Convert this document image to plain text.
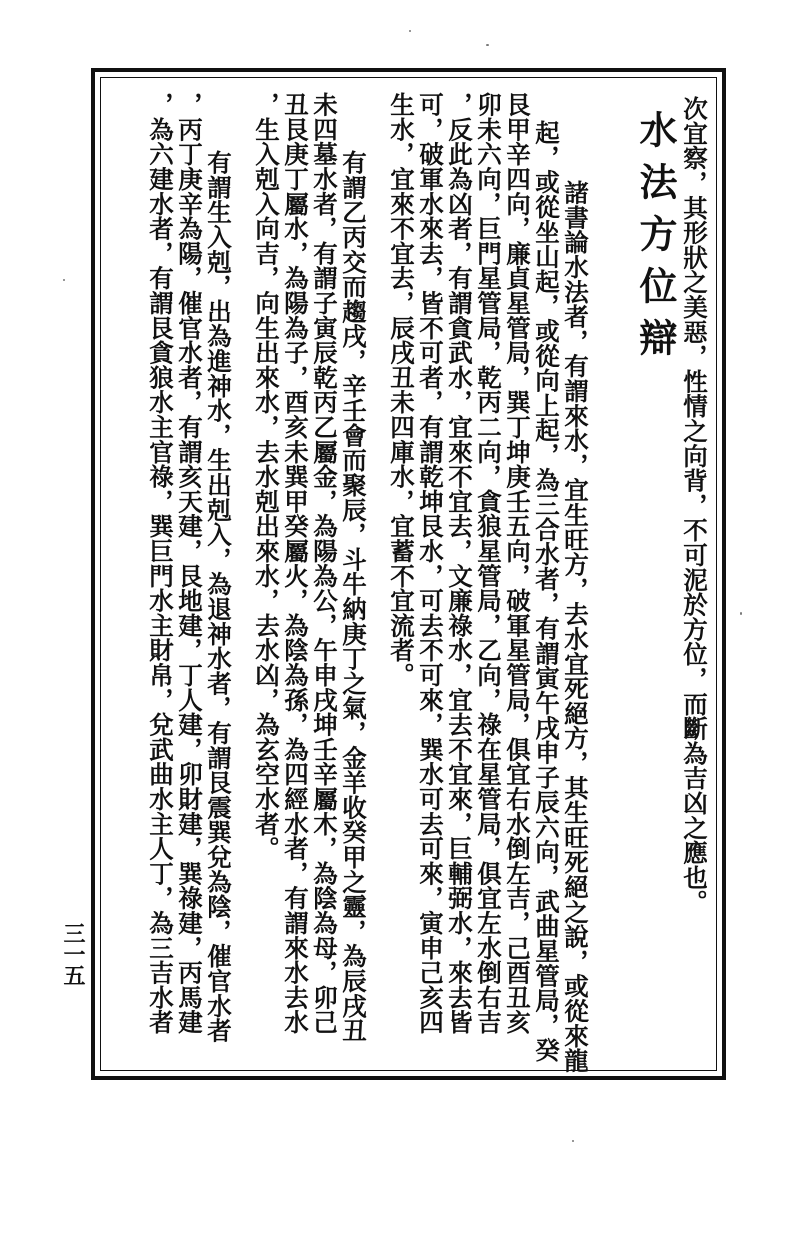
次宜察，其形狀之美惡，性情之向背，不可泥於方位，而斷為吉凶之應也。
水法方位辯
諸書論水法者，有謂來水，宜生旺方，去水宜死絕方，其生旺死絕之說，或從來龍
起，或從坐山起，或從向上起，為三合水者，有謂寅午戌申子辰六向，武曲星管局，癸
艮甲辛四向，廉貞星管局，巽丁坤庚壬五向，破軍星管局，俱宜右水倒左吉，己酉丑亥
卯未六向，巨門星管局，乾丙二向，貪狼星管局，乙向，祿在星管局，俱宜左水倒右吉
，反此為凶者，有謂貪武水，宜來不宜去，文廉祿水，宜去不宜來，巨輔弼水，來去皆
可，破軍水來去，皆不可者，有謂乾坤艮水，可去不可來，巽水可去可來，寅申己亥四
生水，宜來不宜去，辰戌丑未四庫水，宜蓄不宜流者。
有謂乙丙交而趨戌，辛壬會而聚辰，斗牛納庚丁之氣，金羊收癸甲之靈，為辰戌丑
未四墓水者，有謂子寅辰乾丙乙屬金，為陽為公，午申戌坤壬辛屬木，為陰為母，卯己
丑艮庚丁屬水，為陽為子，酉亥未巽甲癸屬火，為陰為孫，為四經水者，有謂來水去水
，生入剋入向吉，向生出來水，去水剋出來水，去水凶，為玄空水者。
有謂生入剋，出為進神水，生出剋入，為退神水者，有謂艮震巽兌為陰，催官水者
，丙丁庚辛為陽，催官水者，有謂亥天建，艮地建，丁人建，卯財建，巽祿建，丙馬建
，為六建水者，有謂艮貪狼水主官祿，巽巨門水主財帛，兌武曲水主人丁，為三吉水者
三一五
